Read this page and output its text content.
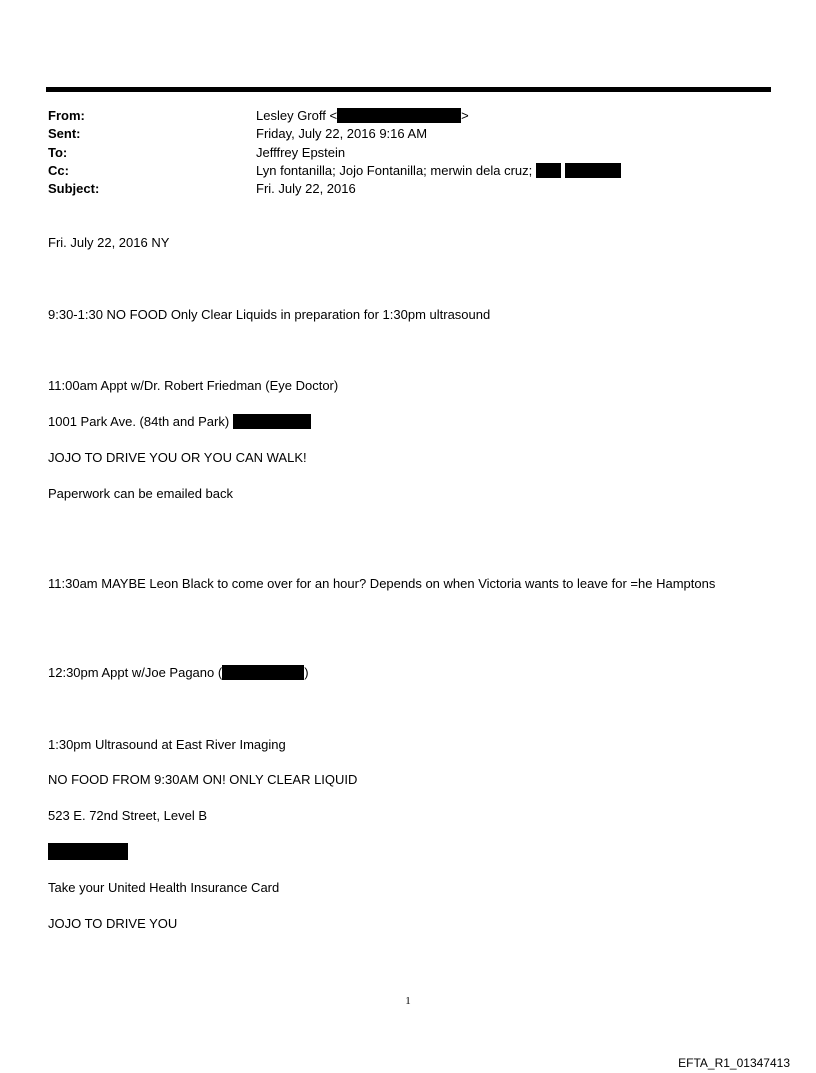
From:	Lesley Groff <	>
Sent:	Friday, July 22, 2016 9:16 AM
To:	Jefffrey Epstein
Cc:	Lyn fontanilla; Jojo Fontanilla; merwin dela cruz;
Subject:	Fri. July 22, 2016
Fri. July 22, 2016 NY
9:30-1:30 NO FOOD Only Clear Liquids in preparation for 1:30pm ultrasound
11:00am Appt w/Dr. Robert Friedman (Eye Doctor)
1001 Park Ave. (84th and Park)
JOJO TO DRIVE YOU OR YOU CAN WALK!
Paperwork can be emailed back
11:30am MAYBE Leon Black to come over for an hour? Depends on when Victoria wants to leave for =he Hamptons
12:30pm Appt w/Joe Pagano (	)
1:30pm Ultrasound at East River Imaging
NO FOOD FROM 9:30AM ON! ONLY CLEAR LIQUID
523 E. 72nd Street, Level B
Take your United Health Insurance Card
JOJO TO DRIVE YOU
1
EFTA_R1_01347413
